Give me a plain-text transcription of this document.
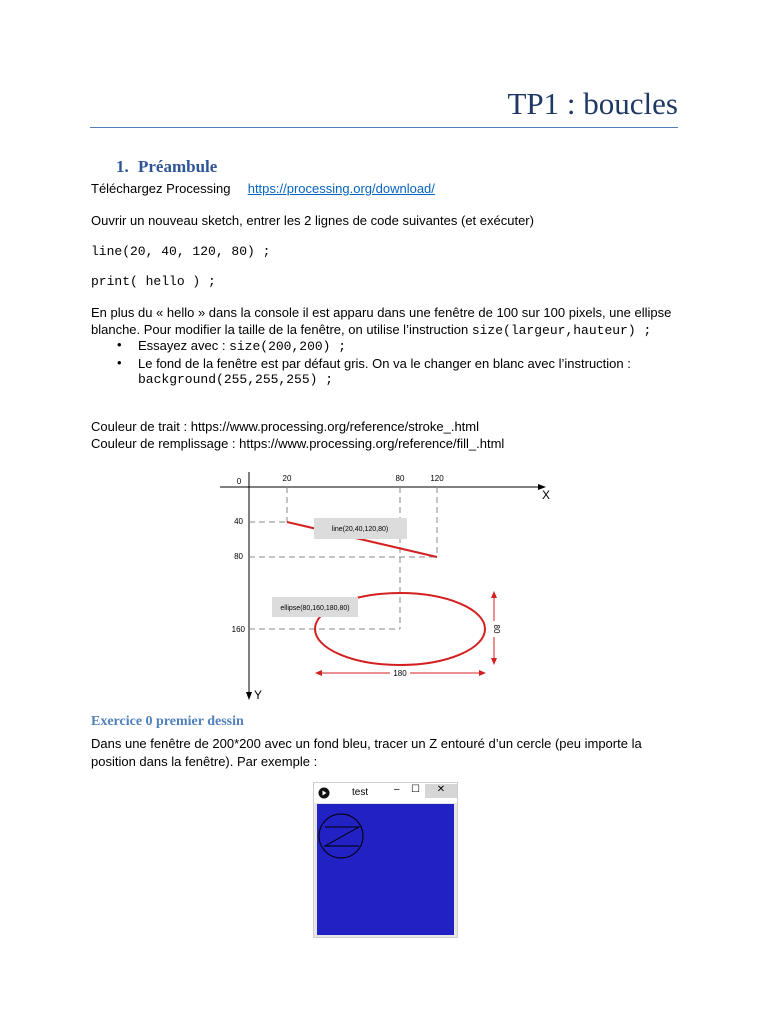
TP1 : boucles
1. Préambule
Téléchargez Processing https://processing.org/download/
Ouvrir un nouveau sketch, entrer les 2 lignes de code suivantes (et exécuter)
line(20, 40, 120, 80) ;
print( hello ) ;
En plus du « hello » dans la console il est apparu dans une fenêtre de 100 sur 100 pixels, une ellipse
blanche. Pour modifier la taille de la fenêtre, on utilise l’instruction size(largeur,hauteur) ;
• Essayez avec : size(200,200) ;
• Le fond de la fenêtre est par défaut gris. On va le changer en blanc avec l’instruction :
background(255,255,255) ;
Couleur de trait : https://www.processing.org/reference/stroke_.html
Couleur de remplissage : https://www.processing.org/reference/fill_.html
0	20	80	120
40
80
160
X
Y
line(20,40,120,80)
ellipse(80,160,180,80)
180
80
Exercice 0 premier dessin
Dans une fenêtre de 200*200 avec un fond bleu, tracer un Z entouré d’un cercle (peu importe la
position dans la fenêtre). Par exemple :
test	– ☐	✕
